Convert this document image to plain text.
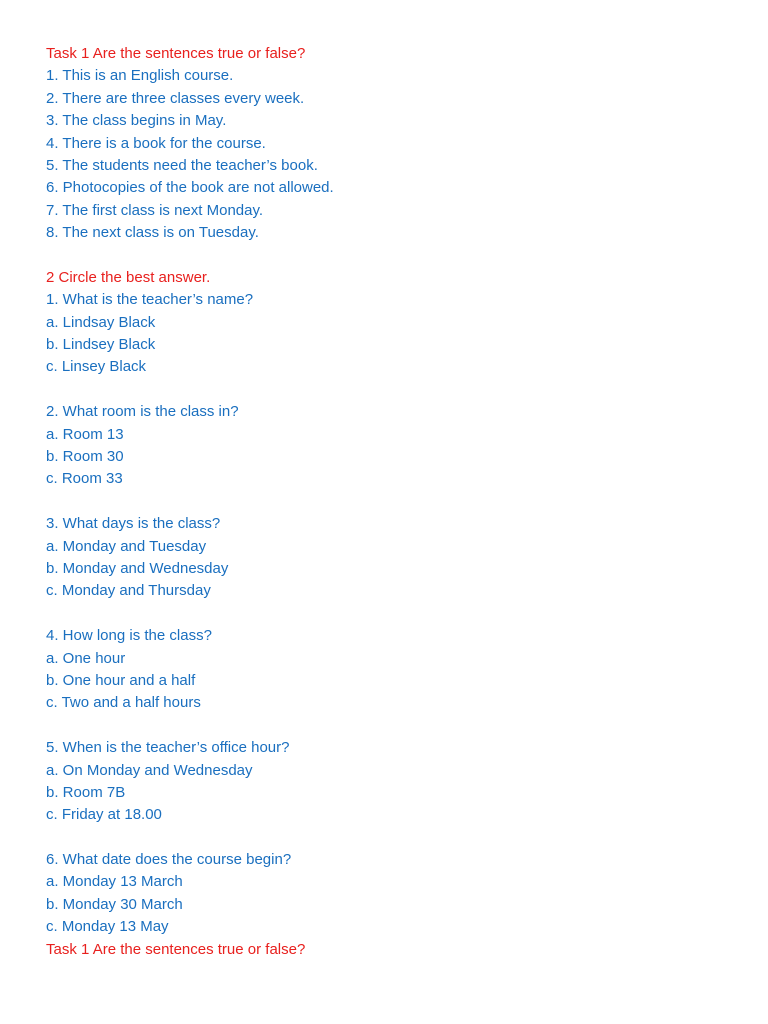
Task 1 Are the sentences true or false?
1. This is an English course.
2. There are three classes every week.
3. The class begins in May.
4. There is a book for the course.
5. The students need the teacher’s book.
6. Photocopies of the book are not allowed.
7. The first class is next Monday.
8. The next class is on Tuesday.
2 Circle the best answer.
1. What is the teacher’s name?
a. Lindsay Black
b. Lindsey Black
c. Linsey Black
2. What room is the class in?
a. Room 13
b. Room 30
c. Room 33
3. What days is the class?
a. Monday and Tuesday
b. Monday and Wednesday
c. Monday and Thursday
4. How long is the class?
a. One hour
b. One hour and a half
c. Two and a half hours
5. When is the teacher’s office hour?
a. On Monday and Wednesday
b. Room 7B
c. Friday at 18.00
6. What date does the course begin?
a. Monday 13 March
b. Monday 30 March
c. Monday 13 May
Task 1 Are the sentences true or false?
